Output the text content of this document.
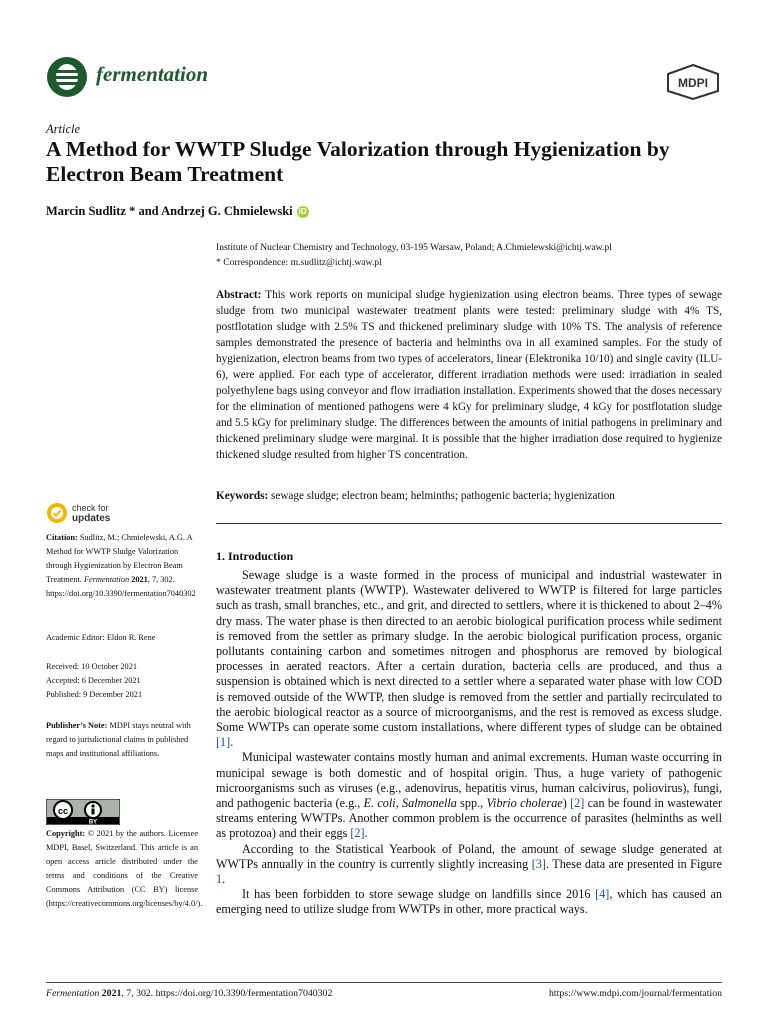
fermentation	MDPI
Article
A Method for WWTP Sludge Valorization through Hygienization by Electron Beam Treatment
Marcin Sudlitz * and Andrzej G. Chmielewski iD
Institute of Nuclear Chemistry and Technology, 03-195 Warsaw, Poland; A.Chmielewski@ichtj.waw.pl
* Correspondence: m.sudlitz@ichtj.waw.pl
Abstract: This work reports on municipal sludge hygienization using electron beams. Three types of sewage sludge from two municipal wastewater treatment plants were tested: preliminary sludge with 4% TS, postflotation sludge with 2.5% TS and thickened preliminary sludge with 10% TS. The analysis of reference samples demonstrated the presence of bacteria and helminths ova in all examined samples. For the study of hygienization, electron beams from two types of accelerators, linear (Elektronika 10/10) and single cavity (ILU-6), were applied. For each type of accelerator, different irradiation methods were used: irradiation in sealed polyethylene bags using conveyor and flow irradiation installation. Experiments showed that the doses necessary for the elimination of mentioned pathogens were 4 kGy for preliminary sludge, 4 kGy for postflotation sludge and 5.5 kGy for preliminary sludge. The differences between the amounts of initial pathogens in preliminary and thickened preliminary sludge were marginal. It is possible that the higher irradiation dose required to hygienize thickened sludge resulted from higher TS concentration.
Keywords: sewage sludge; electron beam; helminths; pathogenic bacteria; hygienization
check for
updates
Citation: Sudlitz, M.; Chmielewski, A.G. A Method for WWTP Sludge Valorization through Hygienization by Electron Beam Treatment. Fermentation 2021, 7, 302. https://doi.org/10.3390/fermentation7040302
Academic Editor: Eldon R. Rene
Received: 10 October 2021
Accepted: 6 December 2021
Published: 9 December 2021
Publisher’s Note: MDPI stays neutral with regard to jurisdictional claims in published maps and institutional affiliations.
cc
BY
Copyright: © 2021 by the authors. Licensee MDPI, Basel, Switzerland. This article is an open access article distributed under the terms and conditions of the Creative Commons Attribution (CC BY) license (https://creativecommons.org/licenses/by/4.0/).
1. Introduction

Sewage sludge is a waste formed in the process of municipal and industrial wastewater in wastewater treatment plants (WWTP). Wastewater delivered to WWTP is filtered for large particles such as trash, small branches, etc., and grit, and directed to settlers, where it is thickened to about 2–4% dry mass. The water phase is then directed to an aerobic biological purification process while sediment is removed from the settler as primary sludge. In the aerobic biological purification process, organic pollutants containing carbon and sometimes nitrogen and phosphorus are removed by biological processes in aerated reactors. After a certain duration, bacteria cells are produced, and thus a suspension is obtained which is next directed to a settler where a separated water phase with low COD is removed outside of the WWTP, then sludge is removed from the settler and partially recirculated to the aerobic biological reactor as a source of microorganisms, and the rest is removed as excess sludge. Some WWTPs can operate some custom installations, where different types of sludge can be obtained [1].

Municipal wastewater contains mostly human and animal excrements. Human waste occurring in municipal sewage is both domestic and of hospital origin. Thus, a huge variety of pathogenic microorganisms such as viruses (e.g., adenovirus, hepatitis virus, human calcivirus, poliovirus), fungi, and pathogenic bacteria (e.g., E. coli, Salmonella spp., Vibrio cholerae) [2] can be found in wastewater streams entering WWTPs. Another common problem is the occurrence of parasites (helminths as well as protozoa) and their eggs [2].

According to the Statistical Yearbook of Poland, the amount of sewage sludge generated at WWTPs annually in the country is currently slightly increasing [3]. These data are presented in Figure 1.

It has been forbidden to store sewage sludge on landfills since 2016 [4], which has caused an emerging need to utilize sludge from WWTPs in other, more practical ways.

Fermentation 2021, 7, 302. https://doi.org/10.3390/fermentation7040302	https://www.mdpi.com/journal/fermentation
